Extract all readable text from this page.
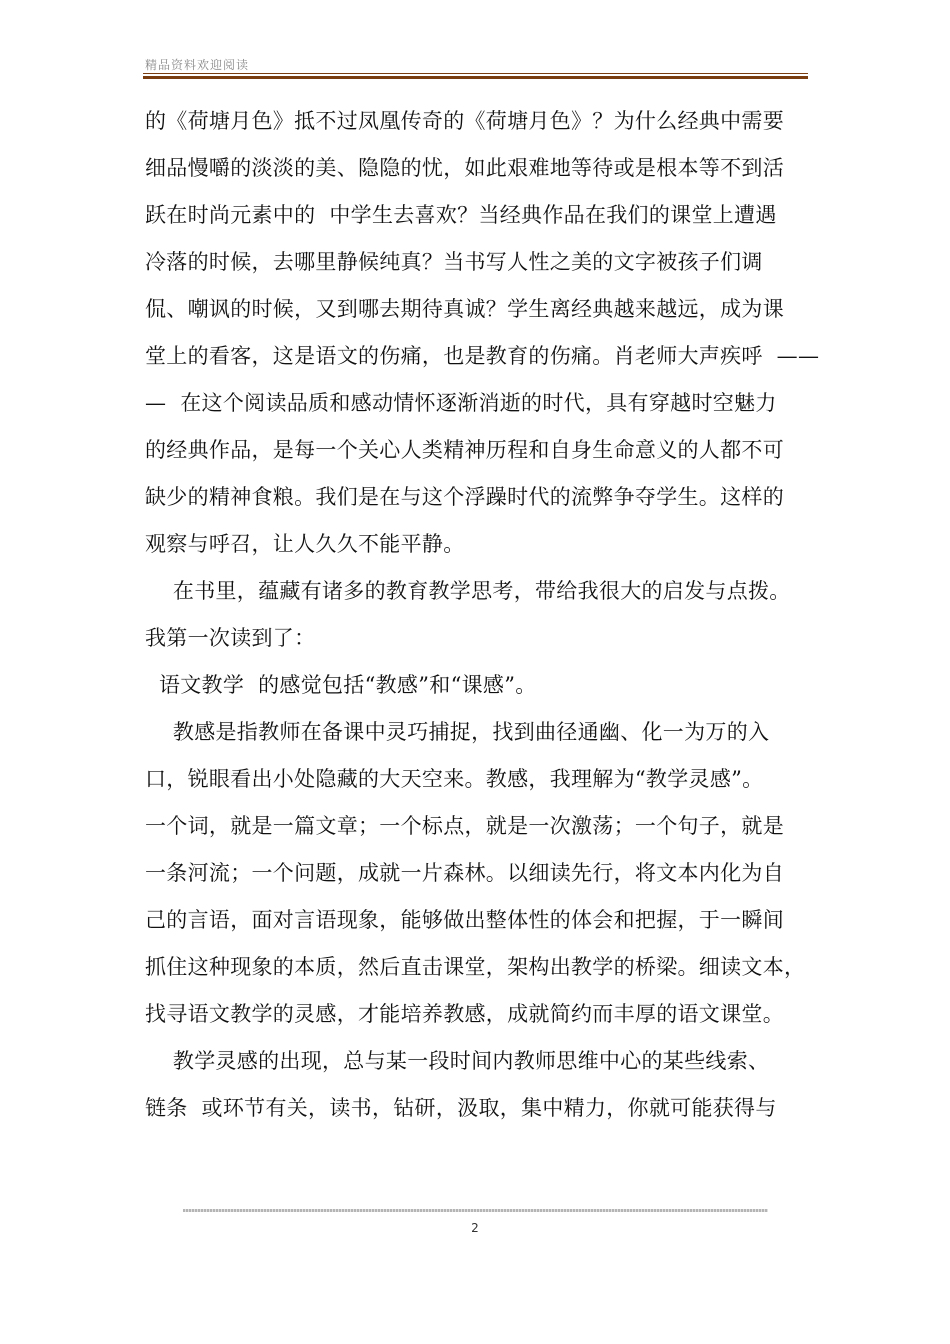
精品资料欢迎阅读
的《荷塘月色》抵不过凤凰传奇的《荷塘月色》？为什么经典中需要
细品慢嚼的淡淡的美、隐隐的忧，如此艰难地等待或是根本等不到活
跃在时尚元素中的  中学生去喜欢？当经典作品在我们的课堂上遭遇
冷落的时候，去哪里静候纯真？当书写人性之美的文字被孩子们调
侃、嘲讽的时候，又到哪去期待真诚？学生离经典越来越远，成为课
堂上的看客，这是语文的伤痛，也是教育的伤痛。肖老师大声疾呼  ——
—  在这个阅读品质和感动情怀逐渐消逝的时代，具有穿越时空魅力
的经典作品，是每一个关心人类精神历程和自身生命意义的人都不可
缺少的精神食粮。我们是在与这个浮躁时代的流弊争夺学生。这样的
观察与呼召，让人久久不能平静。
在书里，蕴藏有诸多的教育教学思考，带给我很大的启发与点拨。
我第一次读到了：
语文教学  的感觉包括“教感”和“课感”。
教感是指教师在备课中灵巧捕捉，找到曲径通幽、化一为万的入
口，锐眼看出小处隐藏的大天空来。教感，我理解为“教学灵感”。
一个词，就是一篇文章；一个标点，就是一次激荡；一个句子，就是
一条河流；一个问题，成就一片森林。以细读先行，将文本内化为自
己的言语，面对言语现象，能够做出整体性的体会和把握，于一瞬间
抓住这种现象的本质，然后直击课堂，架构出教学的桥梁。细读文本，
找寻语文教学的灵感，才能培养教感，成就简约而丰厚的语文课堂。
教学灵感的出现，总与某一段时间内教师思维中心的某些线索、
链条  或环节有关，读书，钻研，汲取，集中精力，你就可能获得与
2
